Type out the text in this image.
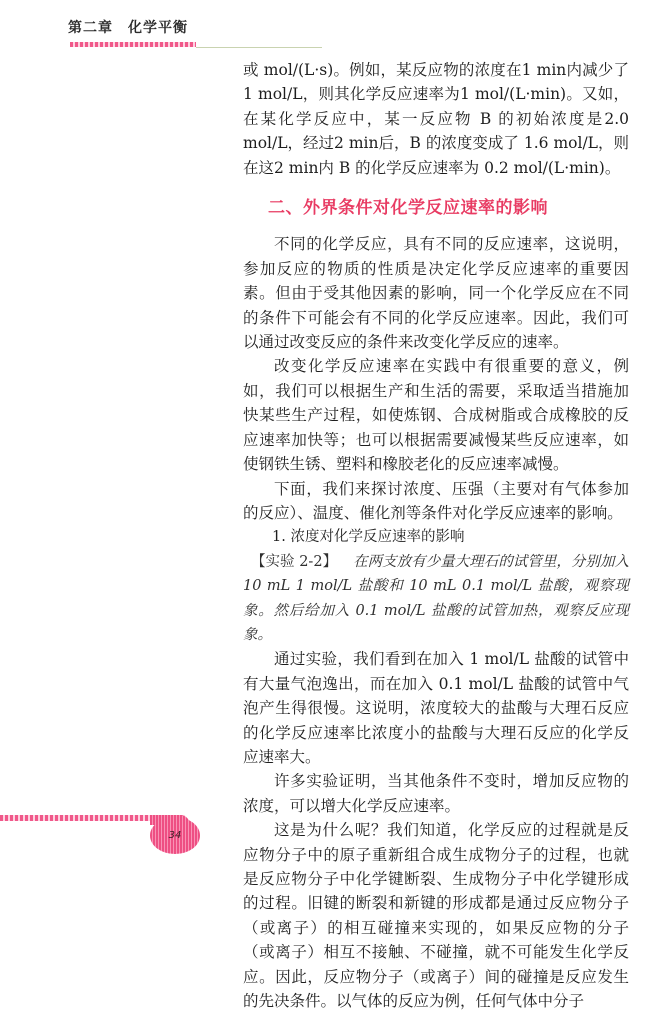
第二章　化学平衡

或 mol/(L·s)。例如，某反应物的浓度在1 min内减少了1 mol/L，则其化学反应速率为1 mol/(L·min)。又如，在某化学反应中，某一反应物 B 的初始浓度是2.0 mol/L，经过2 min后，B 的浓度变成了 1.6 mol/L，则在这2 min内 B 的化学反应速率为 0.2 mol/(L·min)。

二、外界条件对化学反应速率的影响

不同的化学反应，具有不同的反应速率，这说明，参加反应的物质的性质是决定化学反应速率的重要因素。但由于受其他因素的影响，同一个化学反应在不同的条件下可能会有不同的化学反应速率。因此，我们可以通过改变反应的条件来改变化学反应的速率。

改变化学反应速率在实践中有很重要的意义，例如，我们可以根据生产和生活的需要，采取适当措施加快某些生产过程，如使炼钢、合成树脂或合成橡胶的反应速率加快等；也可以根据需要减慢某些反应速率，如使钢铁生锈、塑料和橡胶老化的反应速率减慢。

下面，我们来探讨浓度、压强（主要对有气体参加的反应）、温度、催化剂等条件对化学反应速率的影响。

1. 浓度对化学反应速率的影响

【实验 2-2】 在两支放有少量大理石的试管里，分别加入 10 mL 1 mol/L 盐酸和 10 mL 0.1 mol/L 盐酸，观察现象。然后给加入 0.1 mol/L 盐酸的试管加热，观察反应现象。

通过实验，我们看到在加入 1 mol/L 盐酸的试管中有大量气泡逸出，而在加入 0.1 mol/L 盐酸的试管中气泡产生得很慢。这说明，浓度较大的盐酸与大理石反应的化学反应速率比浓度小的盐酸与大理石反应的化学反应速率大。

许多实验证明，当其他条件不变时，增加反应物的浓度，可以增大化学反应速率。

这是为什么呢？我们知道，化学反应的过程就是反应物分子中的原子重新组合成生成物分子的过程，也就是反应物分子中化学键断裂、生成物分子中化学键形成的过程。旧键的断裂和新键的形成都是通过反应物分子（或离子）的相互碰撞来实现的，如果反应物的分子（或离子）相互不接触、不碰撞，就不可能发生化学反应。因此，反应物分子（或离子）间的碰撞是反应发生的先决条件。以气体的反应为例，任何气体中分子

34
